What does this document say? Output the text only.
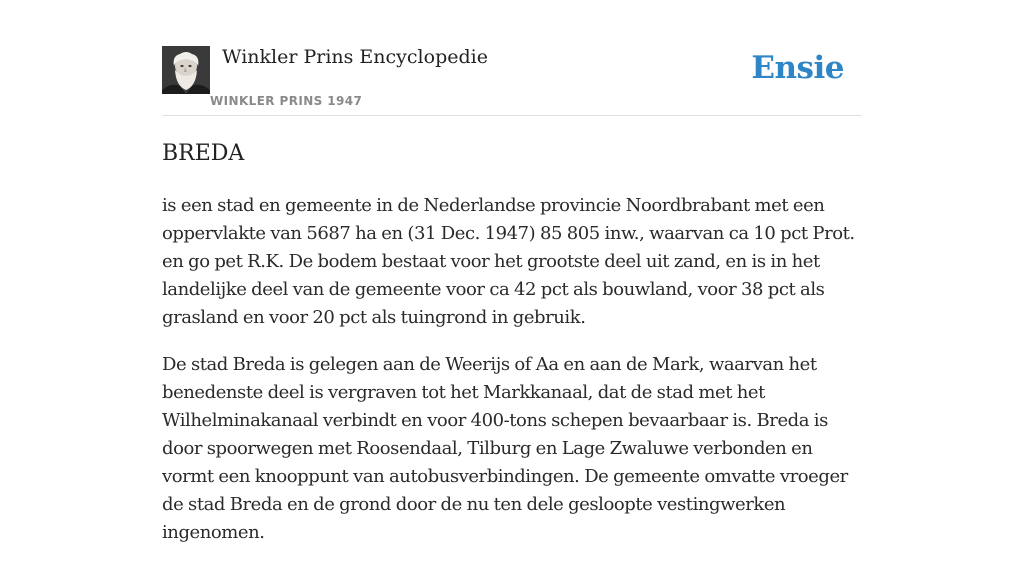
Winkler Prins Encyclopedie
WINKLER PRINS 1947
Ensie
BREDA

is een stad en gemeente in de Nederlandse provincie Noordbrabant met een oppervlakte van 5687 ha en (31 Dec. 1947) 85 805 inw., waarvan ca 10 pct Prot. en go pet R.K. De bodem bestaat voor het grootste deel uit zand, en is in het landelijke deel van de gemeente voor ca 42 pct als bouwland, voor 38 pct als grasland en voor 20 pct als tuingrond in gebruik.

De stad Breda is gelegen aan de Weerijs of Aa en aan de Mark, waarvan het benedenste deel is vergraven tot het Markkanaal, dat de stad met het Wilhelminakanaal verbindt en voor 400-tons schepen bevaarbaar is. Breda is door spoorwegen met Roosendaal, Tilburg en Lage Zwaluwe verbonden en vormt een knooppunt van autobusverbindingen. De gemeente omvatte vroeger de stad Breda en de grond door de nu ten dele gesloopte vestingwerken ingenomen.
